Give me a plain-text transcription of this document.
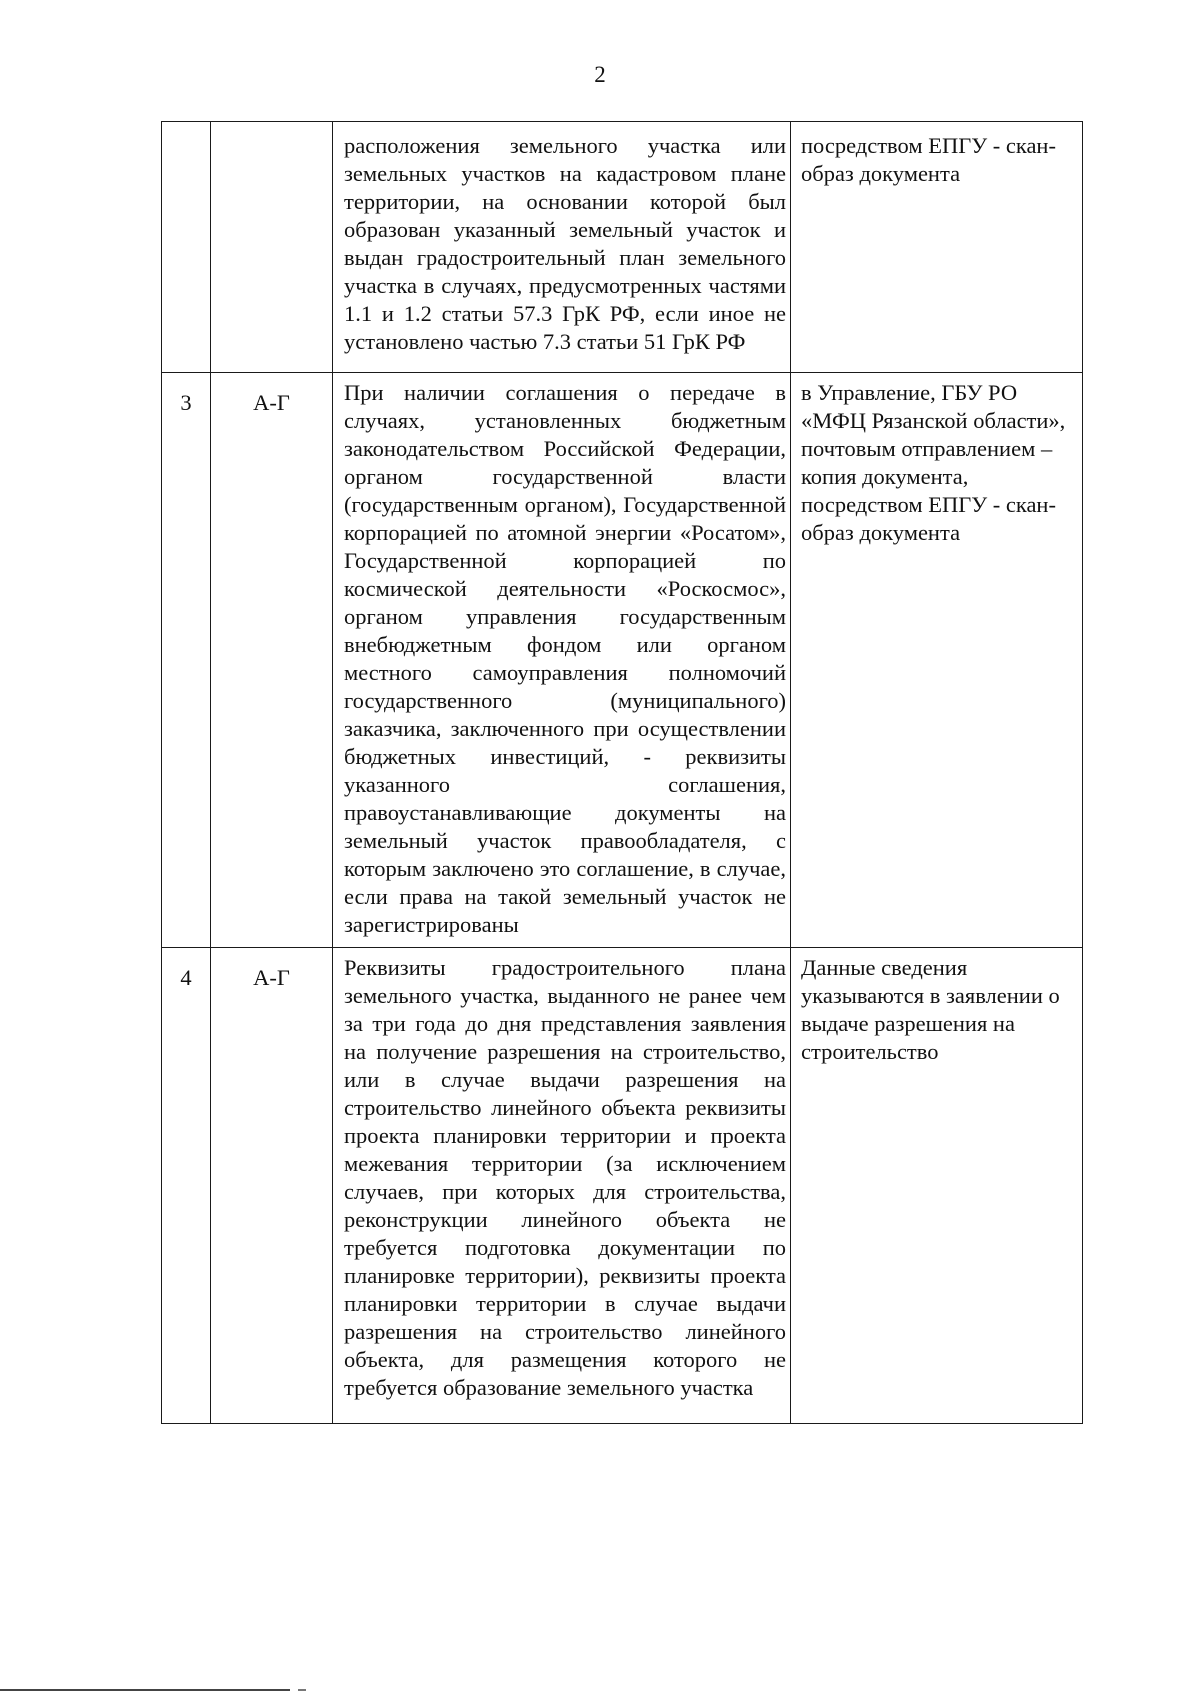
2
		расположения земельного участка или земельных участков на кадастровом плане территории, на основании которой был образован указанный земельный участок и выдан градостроительный план земельного участка в случаях, предусмотренных частями 1.1 и 1.2 статьи 57.3 ГрК РФ, если иное не установлено частью 7.3 статьи 51 ГрК РФ	посредством ЕПГУ - скан-образ документа
3	А-Г	При наличии соглашения о передаче в случаях, установленных бюджетным законодательством Российской Федерации, органом государственной власти (государственным органом), Государственной корпорацией по атомной энергии «Росатом», Государственной корпорацией по космической деятельности «Роскосмос», органом управления государственным внебюджетным фондом или органом местного самоуправления полномочий государственного (муниципального) заказчика, заключенного при осуществлении бюджетных инвестиций, - реквизиты указанного соглашения, правоустанавливающие документы на земельный участок правообладателя, с которым заключено это соглашение, в случае, если права на такой земельный участок не зарегистрированы	в Управление, ГБУ РО «МФЦ Рязанской области», почтовым отправлением – копия документа, посредством ЕПГУ - скан-образ документа
4	А-Г	Реквизиты градостроительного плана земельного участка, выданного не ранее чем за три года до дня представления заявления на получение разрешения на строительство, или в случае выдачи разрешения на строительство линейного объекта реквизиты проекта планировки территории и проекта межевания территории (за исключением случаев, при которых для строительства, реконструкции линейного объекта не требуется подготовка документации по планировке территории), реквизиты проекта планировки территории в случае выдачи разрешения на строительство линейного объекта, для размещения которого не требуется образование земельного участка	Данные сведения указываются в заявлении о выдаче разрешения на строительство
